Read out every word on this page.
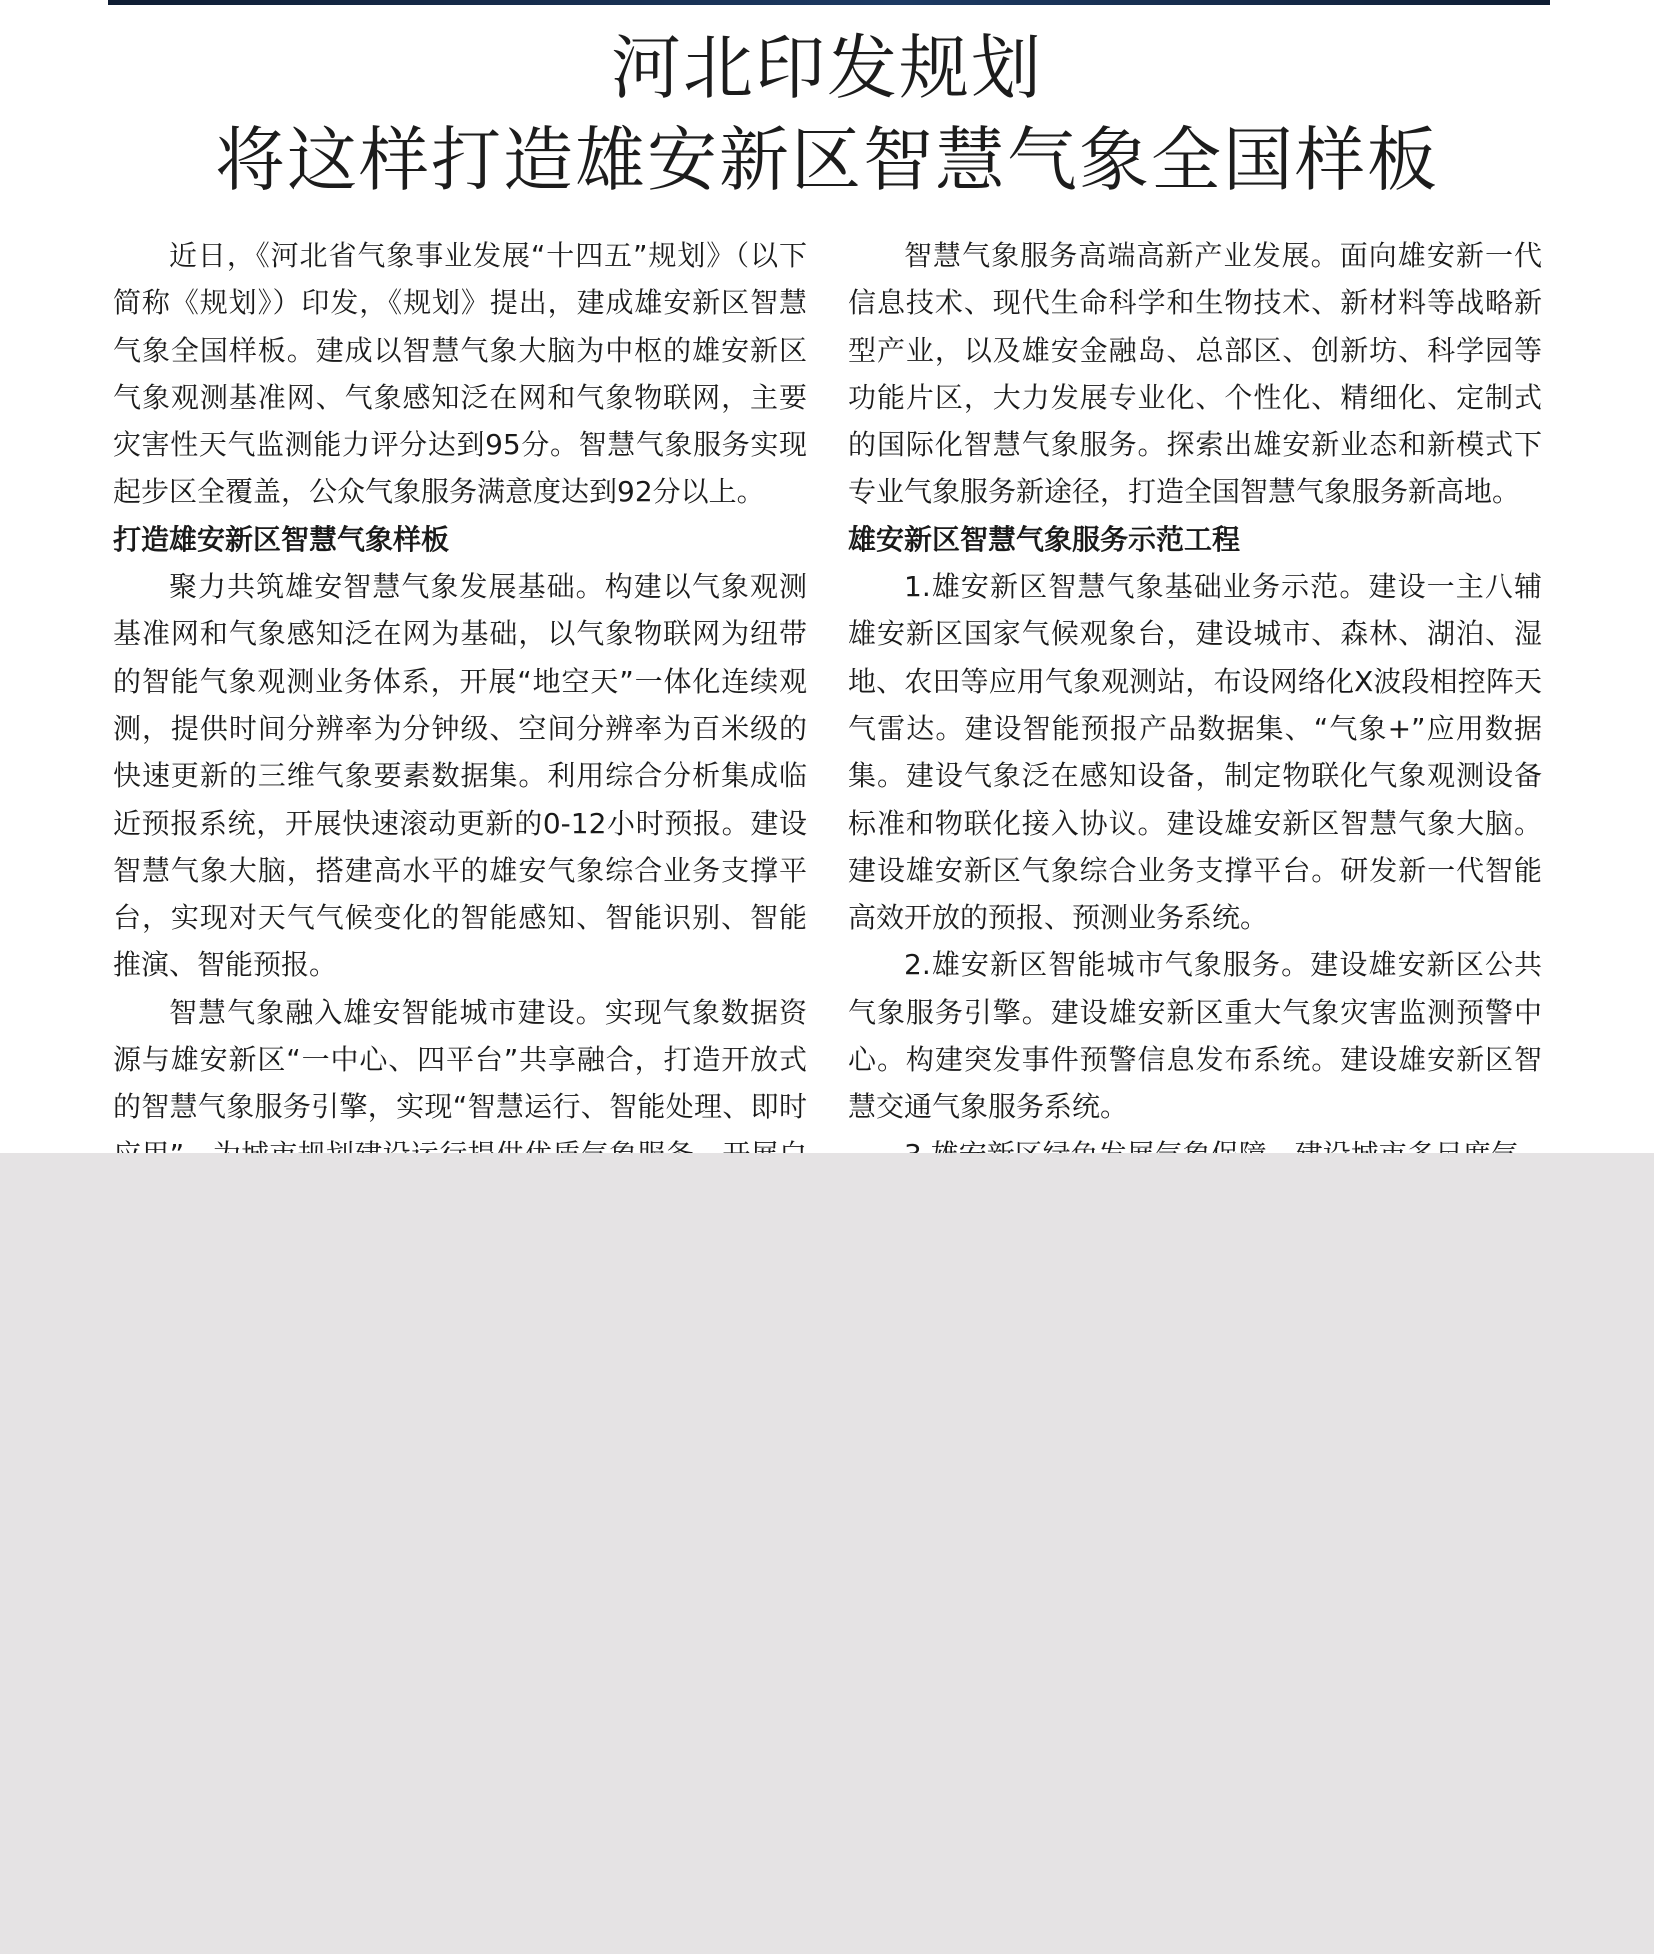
河北印发规划
将这样打造雄安新区智慧气象全国样板

近日，《河北省气象事业发展“十四五”规划》（以下简称《规划》）印发，《规划》提出，建成雄安新区智慧气象全国样板。建成以智慧气象大脑为中枢的雄安新区气象观测基准网、气象感知泛在网和气象物联网，主要灾害性天气监测能力评分达到95分。智慧气象服务实现起步区全覆盖，公众气象服务满意度达到92分以上。

打造雄安新区智慧气象样板

聚力共筑雄安智慧气象发展基础。构建以气象观测基准网和气象感知泛在网为基础，以气象物联网为纽带的智能气象观测业务体系，开展“地空天”一体化连续观测，提供时间分辨率为分钟级、空间分辨率为百米级的快速更新的三维气象要素数据集。利用综合分析集成临近预报系统，开展快速滚动更新的0-12小时预报。建设智慧气象大脑，搭建高水平的雄安气象综合业务支撑平台，实现对天气气候变化的智能感知、智能识别、智能推演、智能预报。

智慧气象融入雄安智能城市建设。实现气象数据资源与雄安新区“一中心、四平台”共享融合，打造开放式的智慧气象服务引擎，实现“智慧运行、智能处理、即时

智慧气象服务高端高新产业发展。面向雄安新一代信息技术、现代生命科学和生物技术、新材料等战略新型产业，以及雄安金融岛、总部区、创新坊、科学园等功能片区，大力发展专业化、个性化、精细化、定制式的国际化智慧气象服务。探索出雄安新业态和新模式下专业气象服务新途径，打造全国智慧气象服务新高地。

雄安新区智慧气象服务示范工程

1.雄安新区智慧气象基础业务示范。建设一主八辅雄安新区国家气候观象台，建设城市、森林、湖泊、湿地、农田等应用气象观测站，布设网络化X波段相控阵天气雷达。建设智能预报产品数据集、“气象+”应用数据集。建设气象泛在感知设备，制定物联化气象观测设备标准和物联化接入协议。建设雄安新区智慧气象大脑。建设雄安新区气象综合业务支撑平台。研发新一代智能高效开放的预报、预测业务系统。

2.雄安新区智能城市气象服务。建设雄安新区公共气象服务引擎。建设雄安新区重大气象灾害监测预警中心。构建突发事件预警信息发布系统。建设雄安新区智慧交通气象服务系统。
